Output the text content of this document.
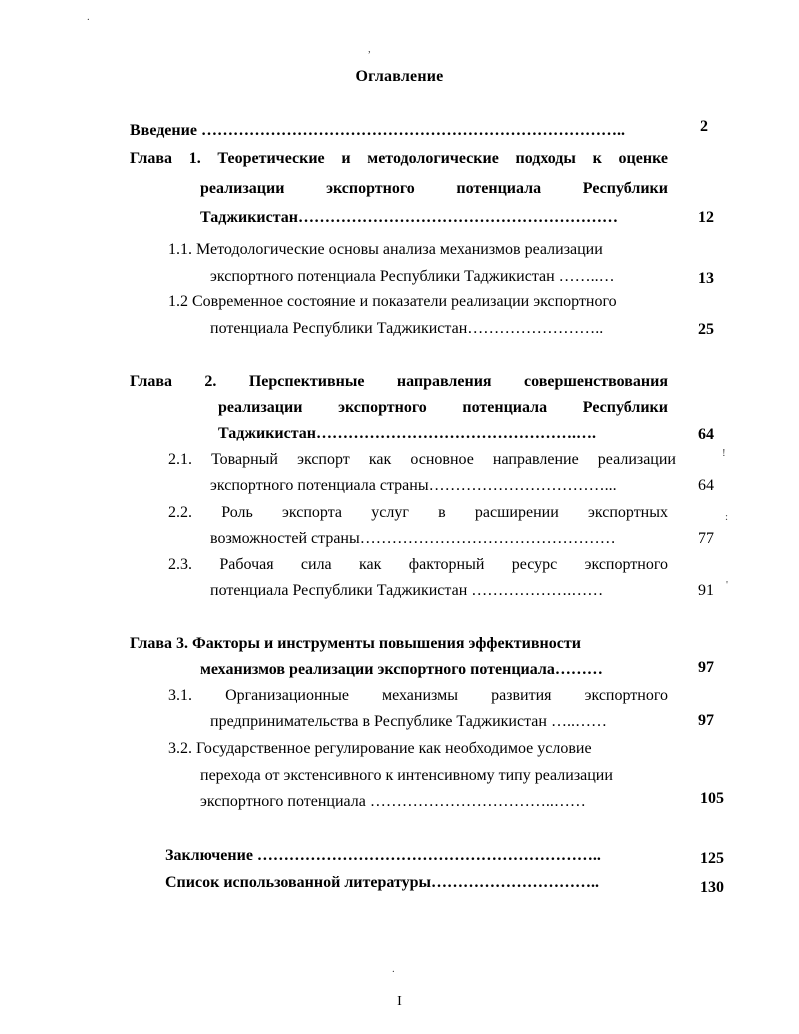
Оглавление
Введение ……………………………………………………………………..	2
Глава 1. Теоретические и методологические подходы к оценке
реализации экспортного потенциала Республики
Таджикистан……………………………………………………	12
1.1. Методологические основы анализа механизмов реализации
экспортного потенциала Республики Таджикистан ……..…	13
1.2 Современное состояние и показатели реализации экспортного
потенциала Республики Таджикистан……………………..	25
Глава 2. Перспективные направления совершенствования
реализации экспортного потенциала Республики
Таджикистан………………………………………….….	64
2.1. Товарный экспорт как основное направление реализации
экспортного потенциала страны……………………………...	64
2.2. Роль экспорта услуг в расширении экспортных
возможностей страны…………………………………………	77
2.3. Рабочая сила как факторный ресурс экспортного
потенциала Республики Таджикистан ……………….……	91
Глава 3. Факторы и инструменты повышения эффективности
механизмов реализации экспортного потенциала………	97
3.1. Организационные механизмы развития экспортного
предпринимательства в Республике Таджикистан …..……	97
3.2. Государственное регулирование как необходимое условие
перехода от экстенсивного к интенсивному типу реализации
экспортного потенциала ……………………………..……	105
Заключение ………………………………………………………..	125
Список использованной литературы…………………………..	130
I
.
,
!
:
'
.
